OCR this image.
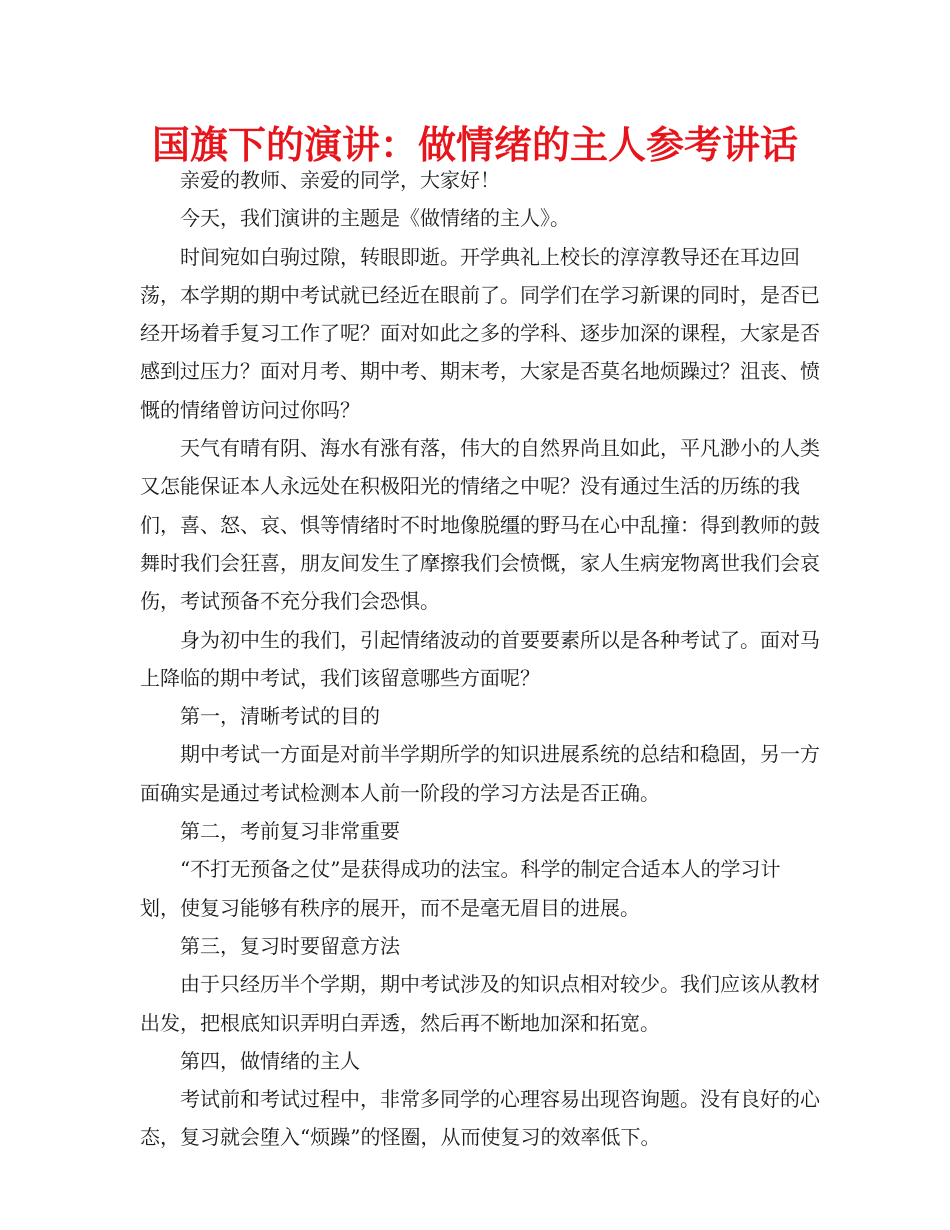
国旗下的演讲：做情绪的主人参考讲话

亲爱的教师、亲爱的同学，大家好！

今天，我们演讲的主题是《做情绪的主人》。

时间宛如白驹过隙，转眼即逝。开学典礼上校长的淳淳教导还在耳边回荡，本学期的期中考试就已经近在眼前了。同学们在学习新课的同时，是否已经开场着手复习工作了呢？面对如此之多的学科、逐步加深的课程，大家是否感到过压力？面对月考、期中考、期末考，大家是否莫名地烦躁过？沮丧、愤慨的情绪曾访问过你吗？

天气有晴有阴、海水有涨有落，伟大的自然界尚且如此，平凡渺小的人类又怎能保证本人永远处在积极阳光的情绪之中呢？没有通过生活的历练的我们，喜、怒、哀、惧等情绪时不时地像脱缰的野马在心中乱撞：得到教师的鼓舞时我们会狂喜，朋友间发生了摩擦我们会愤慨，家人生病宠物离世我们会哀伤，考试预备不充分我们会恐惧。

身为初中生的我们，引起情绪波动的首要要素所以是各种考试了。面对马上降临的期中考试，我们该留意哪些方面呢？

第一，清晰考试的目的

期中考试一方面是对前半学期所学的知识进展系统的总结和稳固，另一方面确实是通过考试检测本人前一阶段的学习方法是否正确。

第二，考前复习非常重要

“不打无预备之仗”是获得成功的法宝。科学的制定合适本人的学习计划，使复习能够有秩序的展开，而不是毫无眉目的进展。

第三，复习时要留意方法

由于只经历半个学期，期中考试涉及的知识点相对较少。我们应该从教材出发，把根底知识弄明白弄透，然后再不断地加深和拓宽。

第四，做情绪的主人

考试前和考试过程中，非常多同学的心理容易出现咨询题。没有良好的心态，复习就会堕入“烦躁”的怪圈，从而使复习的效率低下。
